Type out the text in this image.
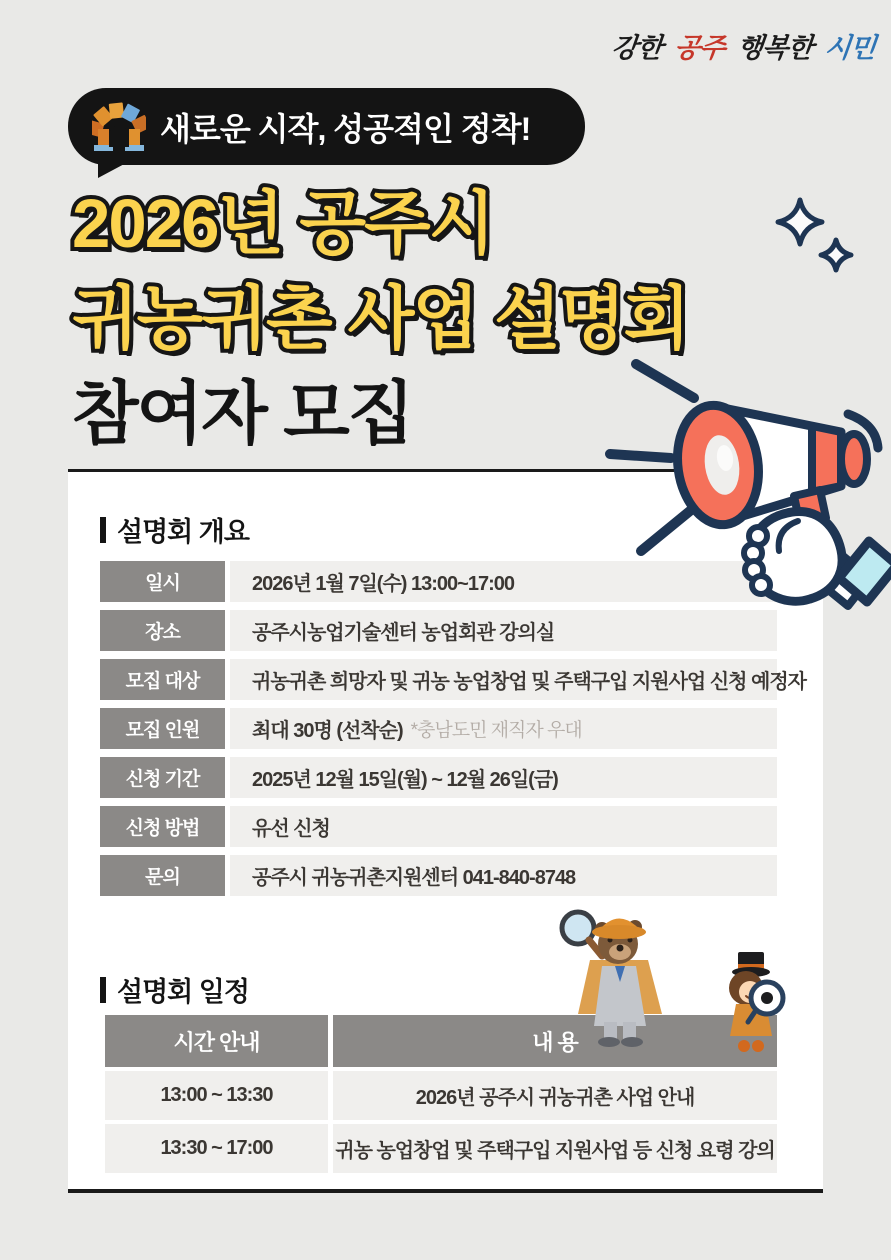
강한 공주 행복한 시민
새로운 시작, 성공적인 정착!
2026년 공주시
귀농귀촌 사업 설명회
참여자 모집
설명회 개요
일시	2026년 1월 7일(수) 13:00~17:00
장소	공주시농업기술센터 농업회관 강의실
모집 대상	귀농귀촌 희망자 및 귀농 농업창업 및 주택구입 지원사업 신청 예정자
모집 인원	최대 30명 (선착순) *충남도민 재직자 우대
신청 기간	2025년 12월 15일(월) ~ 12월 26일(금)
신청 방법	유선 신청
문의	공주시 귀농귀촌지원센터 041-840-8748
설명회 일정
시간 안내	내 용
13:00 ~ 13:30	2026년 공주시 귀농귀촌 사업 안내
13:30 ~ 17:00	귀농 농업창업 및 주택구입 지원사업 등 신청 요령 강의
